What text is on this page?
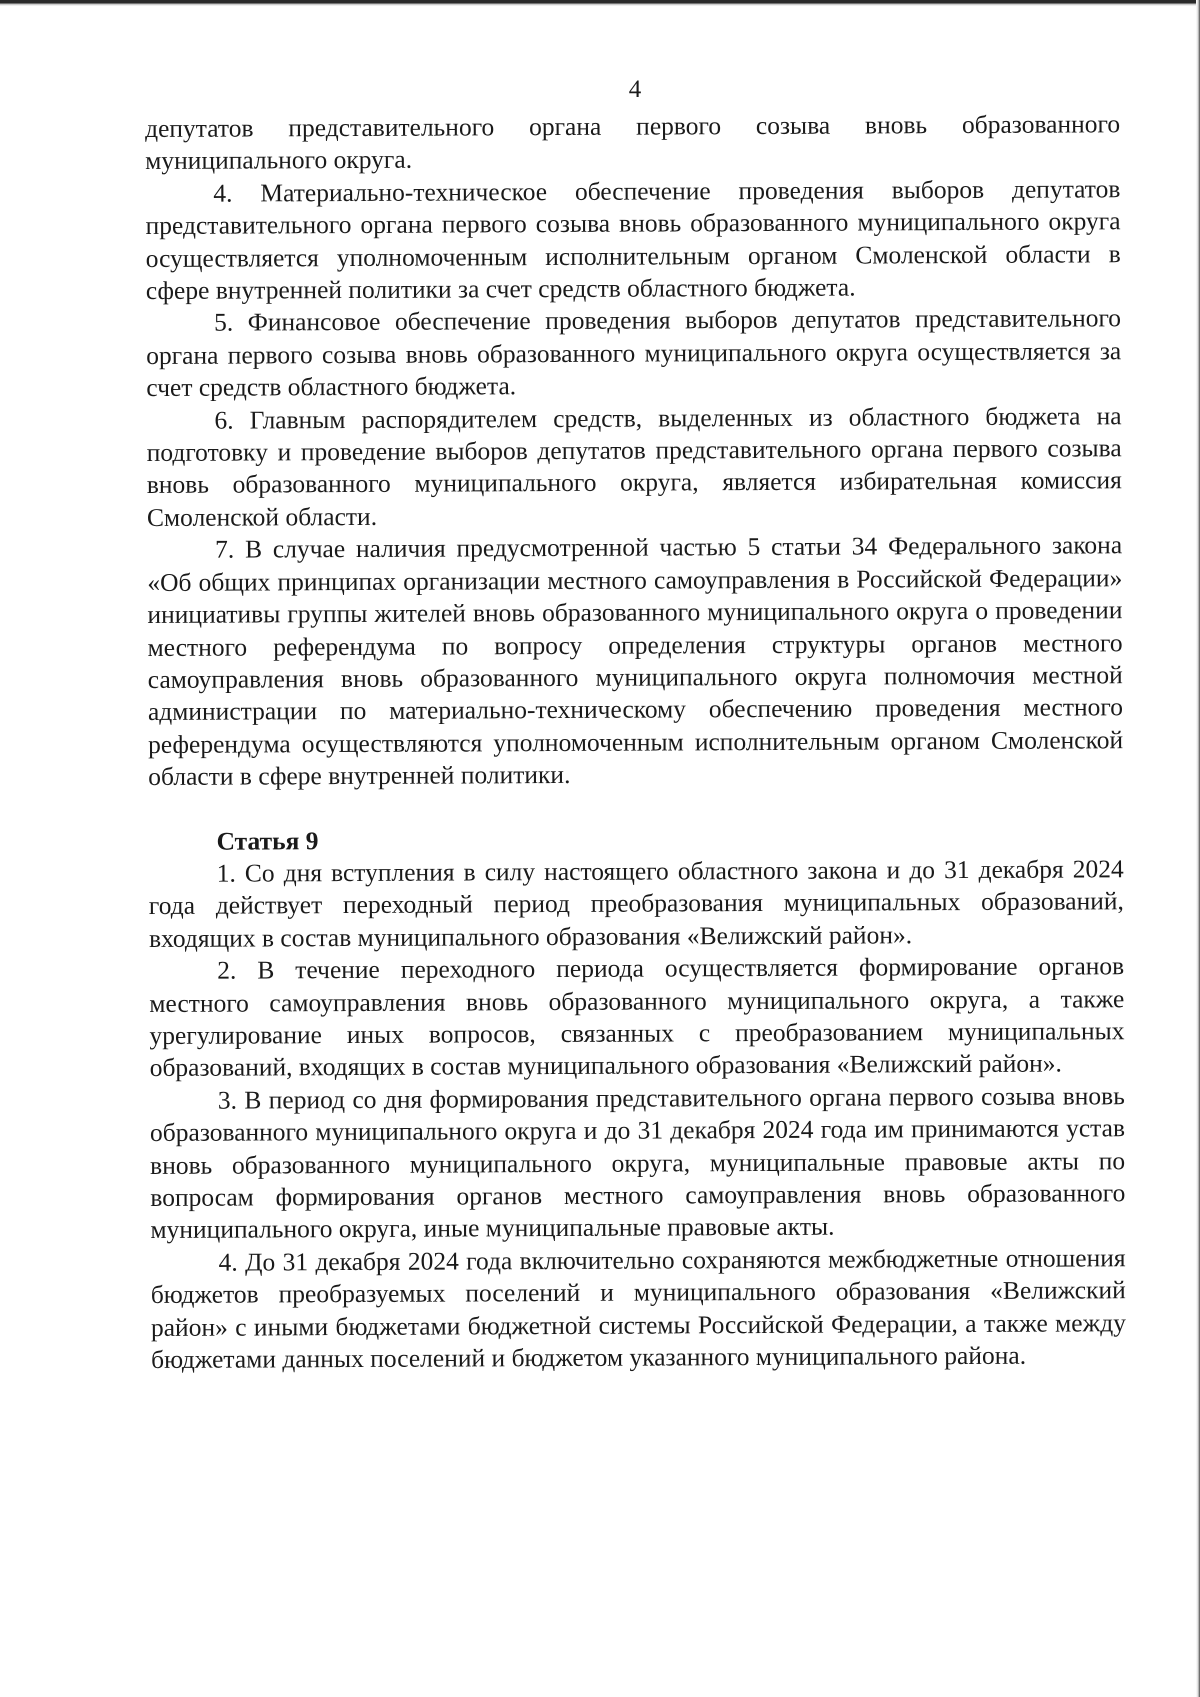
4

депутатов представительного органа первого созыва вновь образованного муниципального округа.

4. Материально-техническое обеспечение проведения выборов депутатов представительного органа первого созыва вновь образованного муниципального округа осуществляется уполномоченным исполнительным органом Смоленской области в сфере внутренней политики за счет средств областного бюджета.

5. Финансовое обеспечение проведения выборов депутатов представительного органа первого созыва вновь образованного муниципального округа осуществляется за счет средств областного бюджета.

6. Главным распорядителем средств, выделенных из областного бюджета на подготовку и проведение выборов депутатов представительного органа первого созыва вновь образованного муниципального округа, является избирательная комиссия Смоленской области.

7. В случае наличия предусмотренной частью 5 статьи 34 Федерального закона «Об общих принципах организации местного самоуправления в Российской Федерации» инициативы группы жителей вновь образованного муниципального округа о проведении местного референдума по вопросу определения структуры органов местного самоуправления вновь образованного муниципального округа полномочия местной администрации по материально-техническому обеспечению проведения местного референдума осуществляются уполномоченным исполнительным органом Смоленской области в сфере внутренней политики.

Статья 9

1. Со дня вступления в силу настоящего областного закона и до 31 декабря 2024 года действует переходный период преобразования муниципальных образований, входящих в состав муниципального образования «Велижский район».

2. В течение переходного периода осуществляется формирование органов местного самоуправления вновь образованного муниципального округа, а также урегулирование иных вопросов, связанных с преобразованием муниципальных образований, входящих в состав муниципального образования «Велижский район».

3. В период со дня формирования представительного органа первого созыва вновь образованного муниципального округа и до 31 декабря 2024 года им принимаются устав вновь образованного муниципального округа, муниципальные правовые акты по вопросам формирования органов местного самоуправления вновь образованного муниципального округа, иные муниципальные правовые акты.

4. До 31 декабря 2024 года включительно сохраняются межбюджетные отношения бюджетов преобразуемых поселений и муниципального образования «Велижский район» с иными бюджетами бюджетной системы Российской Федерации, а также между бюджетами данных поселений и бюджетом указанного муниципального района.
